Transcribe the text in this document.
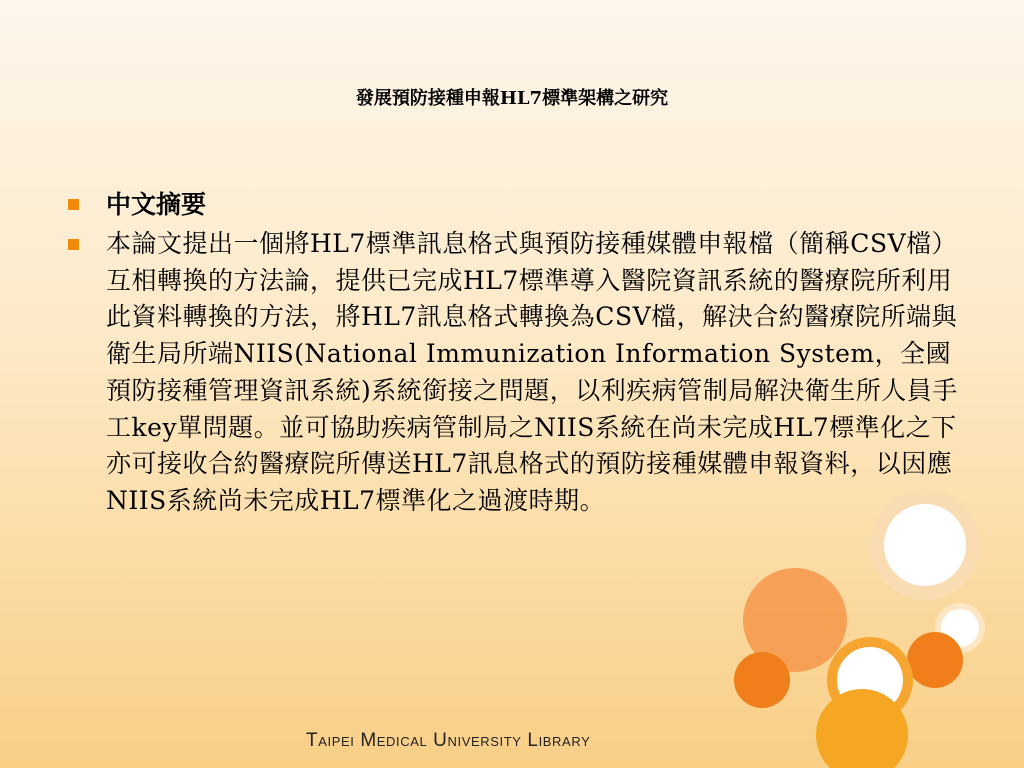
發展預防接種申報HL7標準架構之研究
中文摘要
本論文提出一個將HL7標準訊息格式與預防接種媒體申報檔（簡稱CSV檔）互相轉換的方法論，提供已完成HL7標準導入醫院資訊系統的醫療院所利用此資料轉換的方法，將HL7訊息格式轉換為CSV檔，解決合約醫療院所端與衛生局所端NIIS(National Immunization Information System，全國預防接種管理資訊系統)系統銜接之問題，以利疾病管制局解決衛生所人員手工key單問題。並可協助疾病管制局之NIIS系統在尚未完成HL7標準化之下亦可接收合約醫療院所傳送HL7訊息格式的預防接種媒體申報資料，以因應NIIS系統尚未完成HL7標準化之過渡時期。
Taipei Medical University Library
